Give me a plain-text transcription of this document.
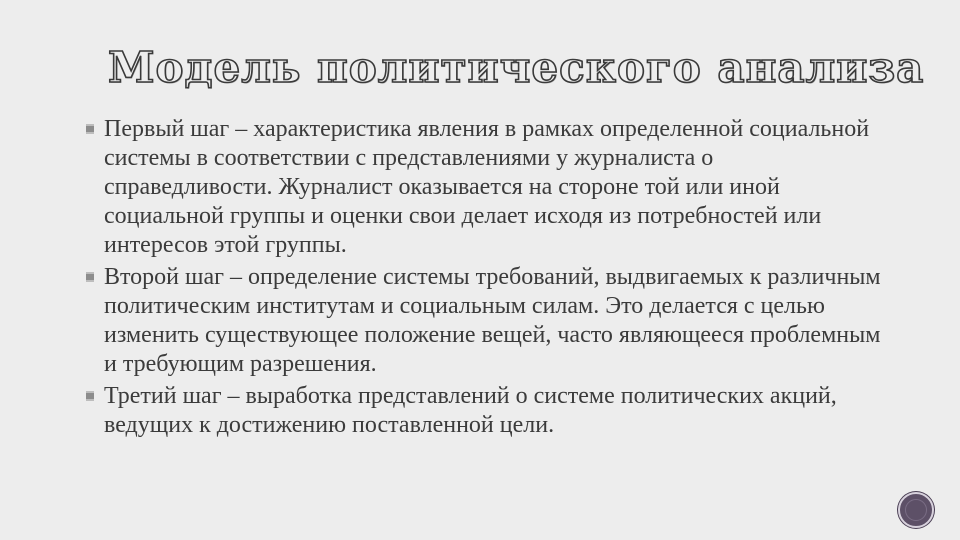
Модель политического анализа
Первый шаг – характеристика явления в рамках определенной социальной системы в соответствии с представлениями у журналиста о справедливости. Журналист оказывается на стороне той или иной социальной группы и оценки свои делает исходя из потребностей или интересов этой группы.
Второй шаг – определение системы требований, выдвигаемых к различным политическим институтам и социальным силам. Это делается с целью изменить существующее положение вещей, часто являющееся проблемным и требующим разрешения.
Третий шаг – выработка представлений о системе политических акций, ведущих к достижению поставленной цели.
